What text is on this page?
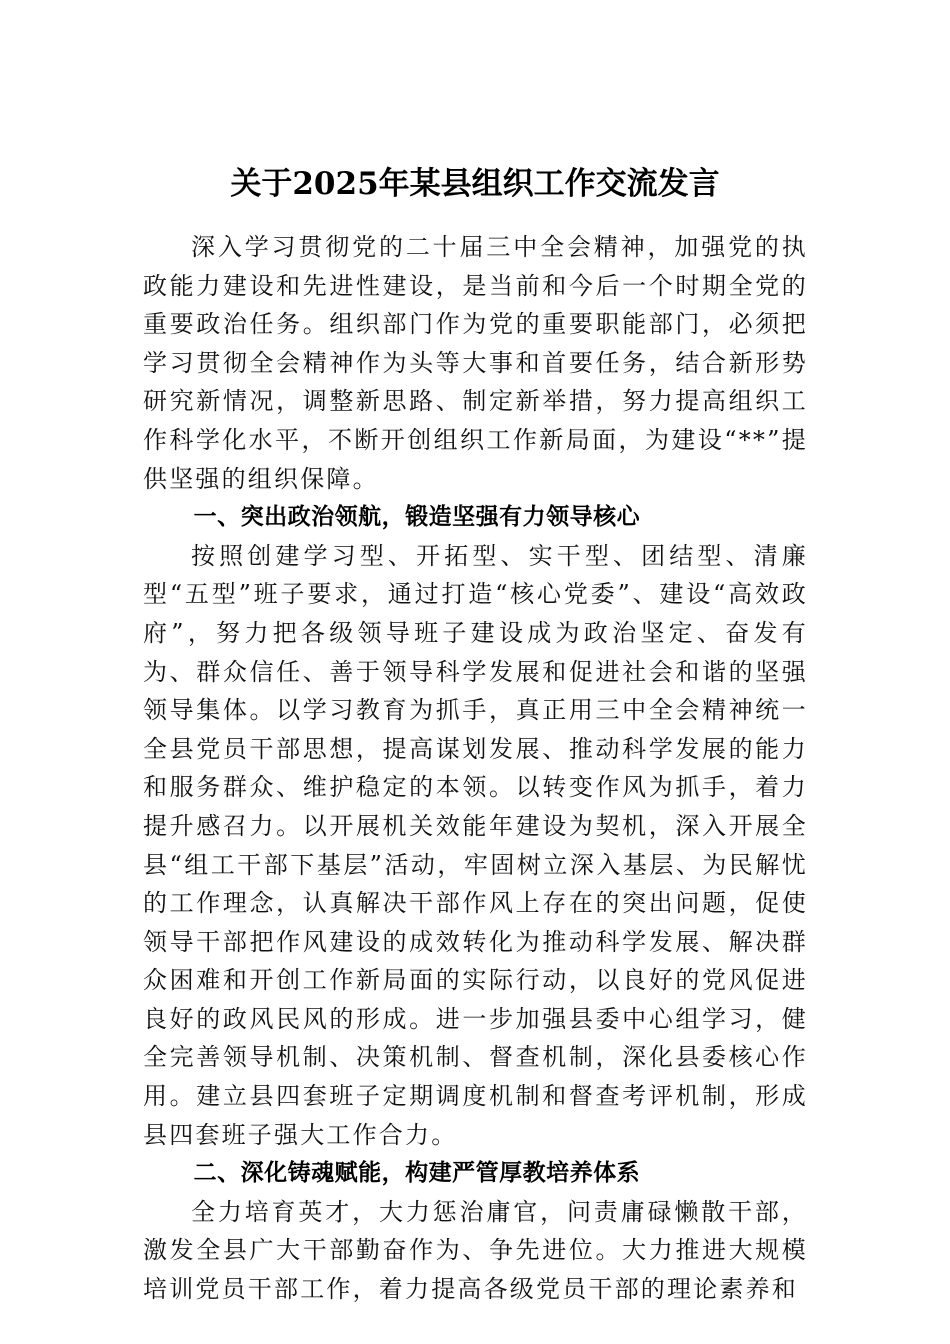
关于2025年某县组织工作交流发言

深入学习贯彻党的二十届三中全会精神，加强党的执政能力建设和先进性建设，是当前和今后一个时期全党的重要政治任务。组织部门作为党的重要职能部门，必须把学习贯彻全会精神作为头等大事和首要任务，结合新形势研究新情况，调整新思路、制定新举措，努力提高组织工作科学化水平，不断开创组织工作新局面，为建设“**”提供坚强的组织保障。

一、突出政治领航，锻造坚强有力领导核心

按照创建学习型、开拓型、实干型、团结型、清廉型“五型”班子要求，通过打造“核心党委”、建设“高效政府”，努力把各级领导班子建设成为政治坚定、奋发有为、群众信任、善于领导科学发展和促进社会和谐的坚强领导集体。以学习教育为抓手，真正用三中全会精神统一全县党员干部思想，提高谋划发展、推动科学发展的能力和服务群众、维护稳定的本领。以转变作风为抓手，着力提升感召力。以开展机关效能年建设为契机，深入开展全县“组工干部下基层”活动，牢固树立深入基层、为民解忧的工作理念，认真解决干部作风上存在的突出问题，促使领导干部把作风建设的成效转化为推动科学发展、解决群众困难和开创工作新局面的实际行动，以良好的党风促进良好的政风民风的形成。进一步加强县委中心组学习，健全完善领导机制、决策机制、督查机制，深化县委核心作用。建立县四套班子定期调度机制和督查考评机制，形成县四套班子强大工作合力。

二、深化铸魂赋能，构建严管厚教培养体系

全力培育英才，大力惩治庸官，问责庸碌懒散干部，激发全县广大干部勤奋作为、争先进位。大力推进大规模培训党员干部工作，着力提高各级党员干部的理论素养和
